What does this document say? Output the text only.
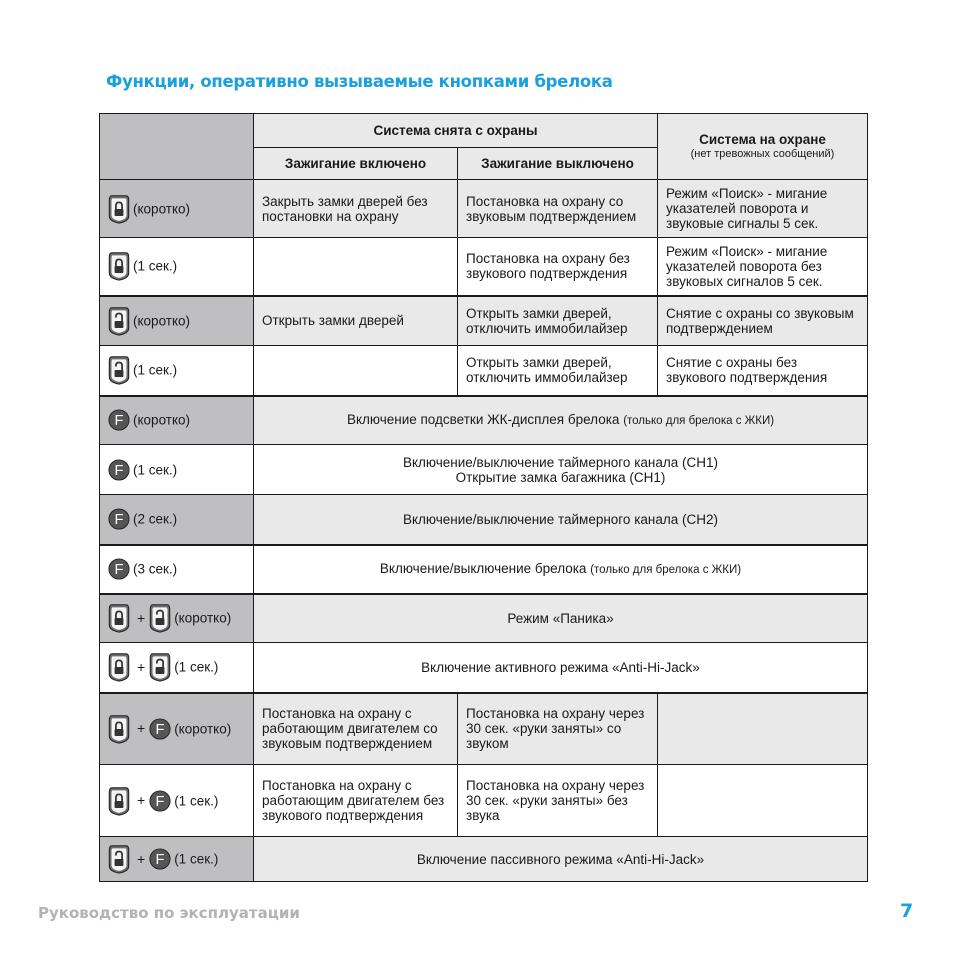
Функции, оперативно вызываемые кнопками брелока
	Система снята с охраны		Система на охране
(нет тревожных сообщений)

	Зажигание включено	Зажигание выключено	
(коротко)	Закрыть замки дверей без постановки на охрану	Постановка на охрану со звуковым подтверждением	Режим «Поиск» - мигание указателей поворота и звуковые сигналы 5 сек.
(1 сек.)		Постановка на охрану без звукового подтверждения	Режим «Поиск» - мигание указателей поворота без звуковых сигналов 5 сек.
(коротко)	Открыть замки дверей	Открыть замки дверей, отключить иммобилайзер	Снятие с охраны со звуковым подтверждением
(1 сек.)		Открыть замки дверей, отключить иммобилайзер	Снятие с охраны без звукового подтверждения
(коротко)	Включение подсветки ЖК-дисплея брелока (только для брелока с ЖКИ)		
(1 сек.)	Включение/выключение таймерного канала (CH1)
Открытие замка багажника (CH1)		
(2 сек.)	Включение/выключение таймерного канала (CH2)		
(3 сек.)	Включение/выключение брелока (только для брелока с ЖКИ)		
+ (коротко)	Режим «Паника»		
+ (1 сек.)	Включение активного режима «Anti-Hi-Jack»		
+ (коротко)	Постановка на охрану с работающим двигателем со звуковым подтверждением	Постановка на охрану через 30 сек. «руки заняты» со звуком	
+ (1 сек.)	Постановка на охрану с работающим двигателем без звукового подтверждения	Постановка на охрану через 30 сек. «руки заняты» без звука	
+ (1 сек.)	Включение пассивного режима «Anti-Hi-Jack»		
Руководство по эксплуатации	7
